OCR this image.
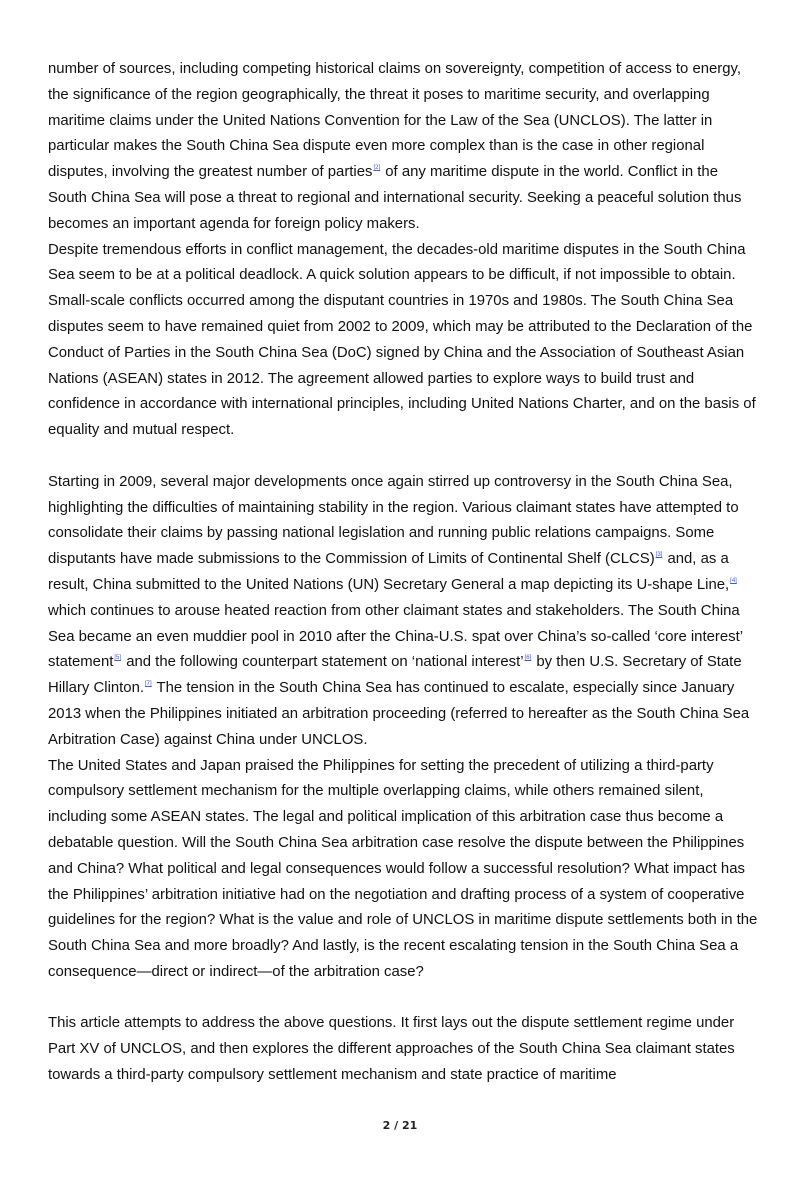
number of sources, including competing historical claims on sovereignty, competition of access to energy, the significance of the region geographically, the threat it poses to maritime security, and overlapping maritime claims under the United Nations Convention for the Law of the Sea (UNCLOS). The latter in particular makes the South China Sea dispute even more complex than is the case in other regional disputes, involving the greatest number of parties[2] of any maritime dispute in the world. Conflict in the South China Sea will pose a threat to regional and international security. Seeking a peaceful solution thus becomes an important agenda for foreign policy makers.

Despite tremendous efforts in conflict management, the decades-old maritime disputes in the South China Sea seem to be at a political deadlock. A quick solution appears to be difficult, if not impossible to obtain. Small-scale conflicts occurred among the disputant countries in 1970s and 1980s. The South China Sea disputes seem to have remained quiet from 2002 to 2009, which may be attributed to the Declaration of the Conduct of Parties in the South China Sea (DoC) signed by China and the Association of Southeast Asian Nations (ASEAN) states in 2012. The agreement allowed parties to explore ways to build trust and confidence in accordance with international principles, including United Nations Charter, and on the basis of equality and mutual respect.

Starting in 2009, several major developments once again stirred up controversy in the South China Sea, highlighting the difficulties of maintaining stability in the region. Various claimant states have attempted to consolidate their claims by passing national legislation and running public relations campaigns. Some disputants have made submissions to the Commission of Limits of Continental Shelf (CLCS)[3] and, as a result, China submitted to the United Nations (UN) Secretary General a map depicting its U-shape Line,[4] which continues to arouse heated reaction from other claimant states and stakeholders. The South China Sea became an even muddier pool in 2010 after the China-U.S. spat over China’s so-called ‘core interest’ statement[5] and the following counterpart statement on ‘national interest’[6] by then U.S. Secretary of State Hillary Clinton.[7] The tension in the South China Sea has continued to escalate, especially since January 2013 when the Philippines initiated an arbitration proceeding (referred to hereafter as the South China Sea Arbitration Case) against China under UNCLOS.

The United States and Japan praised the Philippines for setting the precedent of utilizing a third-party compulsory settlement mechanism for the multiple overlapping claims, while others remained silent, including some ASEAN states. The legal and political implication of this arbitration case thus become a debatable question. Will the South China Sea arbitration case resolve the dispute between the Philippines and China? What political and legal consequences would follow a successful resolution? What impact has the Philippines’ arbitration initiative had on the negotiation and drafting process of a system of cooperative guidelines for the region? What is the value and role of UNCLOS in maritime dispute settlements both in the South China Sea and more broadly? And lastly, is the recent escalating tension in the South China Sea a consequence—direct or indirect—of the arbitration case?

This article attempts to address the above questions. It first lays out the dispute settlement regime under Part XV of UNCLOS, and then explores the different approaches of the South China Sea claimant states towards a third-party compulsory settlement mechanism and state practice of maritime

2 / 21
